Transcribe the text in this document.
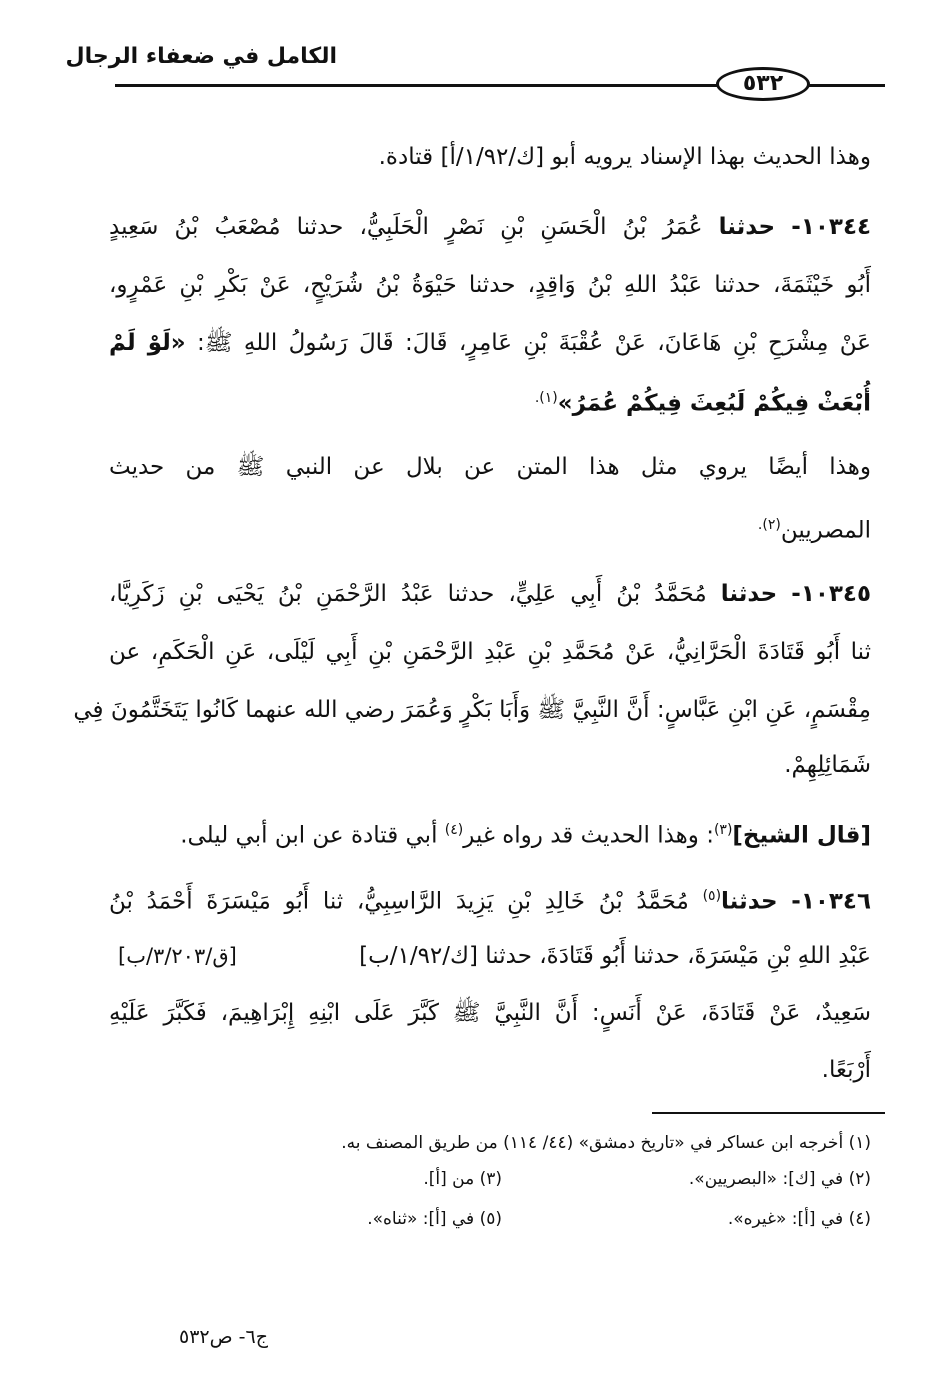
الكامل في ضعفاء الرجال
٥٣٢
وهذا الحديث بهذا الإسناد يرويه أبو [ك/١/٩٢/أ] قتادة.
١٠٣٤٤- حدثنا عُمَرُ بْنُ الْحَسَنِ بْنِ نَصْرٍ الْحَلَبِيُّ، حدثنا مُصْعَبُ بْنُ سَعِيدٍ
أَبُو خَيْثَمَةَ، حدثنا عَبْدُ اللهِ بْنُ وَاقِدٍ، حدثنا حَيْوَةُ بْنُ شُرَيْحٍ، عَنْ بَكْرِ بْنِ عَمْرٍو،
عَنْ مِشْرَحِ بْنِ هَاعَانَ، عَنْ عُقْبَةَ بْنِ عَامِرٍ، قَالَ: قَالَ رَسُولُ اللهِ ﷺ: «لَوْ لَمْ
أُبْعَثْ فِيكُمْ لَبُعِثَ فِيكُمْ عُمَرُ»$^{(١).}$
وهذا أيضًا يروي مثل هذا المتن عن بلال عن النبي ﷺ من حديث
المصريين$^{(٢).}$
١٠٣٤٥- حدثنا مُحَمَّدُ بْنُ أَبِي عَلِيٍّ، حدثنا عَبْدُ الرَّحْمَنِ بْنُ يَحْيَى بْنِ زَكَرِيَّا،
ثنا أَبُو قَتَادَةَ الْحَرَّانِيُّ، عَنْ مُحَمَّدِ بْنِ عَبْدِ الرَّحْمَنِ بْنِ أَبِي لَيْلَى، عَنِ الْحَكَمِ، عن
مِقْسَمٍ، عَنِ ابْنِ عَبَّاسٍ: أَنَّ النَّبِيَّ ﷺ وَأَبَا بَكْرٍ وَعُمَرَ رضي الله عنهما كَانُوا يَتَخَتَّمُونَ فِي
شَمَائِلِهِمْ.
[قال الشيخ]$^{(٣)}$: وهذا الحديث قد رواه غير$^{(٤)}$ أبي قتادة عن ابن أبي ليلى.
١٠٣٤٦- حدثنا$^{(٥)}$ مُحَمَّدُ بْنُ خَالِدِ بْنِ يَزِيدَ الرَّاسِبِيُّ، ثنا أَبُو مَيْسَرَةَ أَحْمَدُ بْنُ
عَبْدِ اللهِ بْنِ مَيْسَرَةَ، حدثنا أَبُو قَتَادَةَ، حدثنا [ك/١/٩٢/ب]
[ق/٣/٢٠٣/ب]
سَعِيدٌ، عَنْ قَتَادَةَ، عَنْ أَنَسٍ: أَنَّ النَّبِيَّ ﷺ كَبَّرَ عَلَى ابْنِهِ إِبْرَاهِيمَ، فَكَبَّرَ عَلَيْهِ
أَرْبَعًا.
(١) أخرجه ابن عساكر في «تاريخ دمشق» (٤٤/ ١١٤) من طريق المصنف به.
(٢) في [ك]: «البصريين».
(٣) من [أ].
(٤) في [أ]: «غيره».
(٥) في [أ]: «ثناه».
ج٦- ص٥٣٢
